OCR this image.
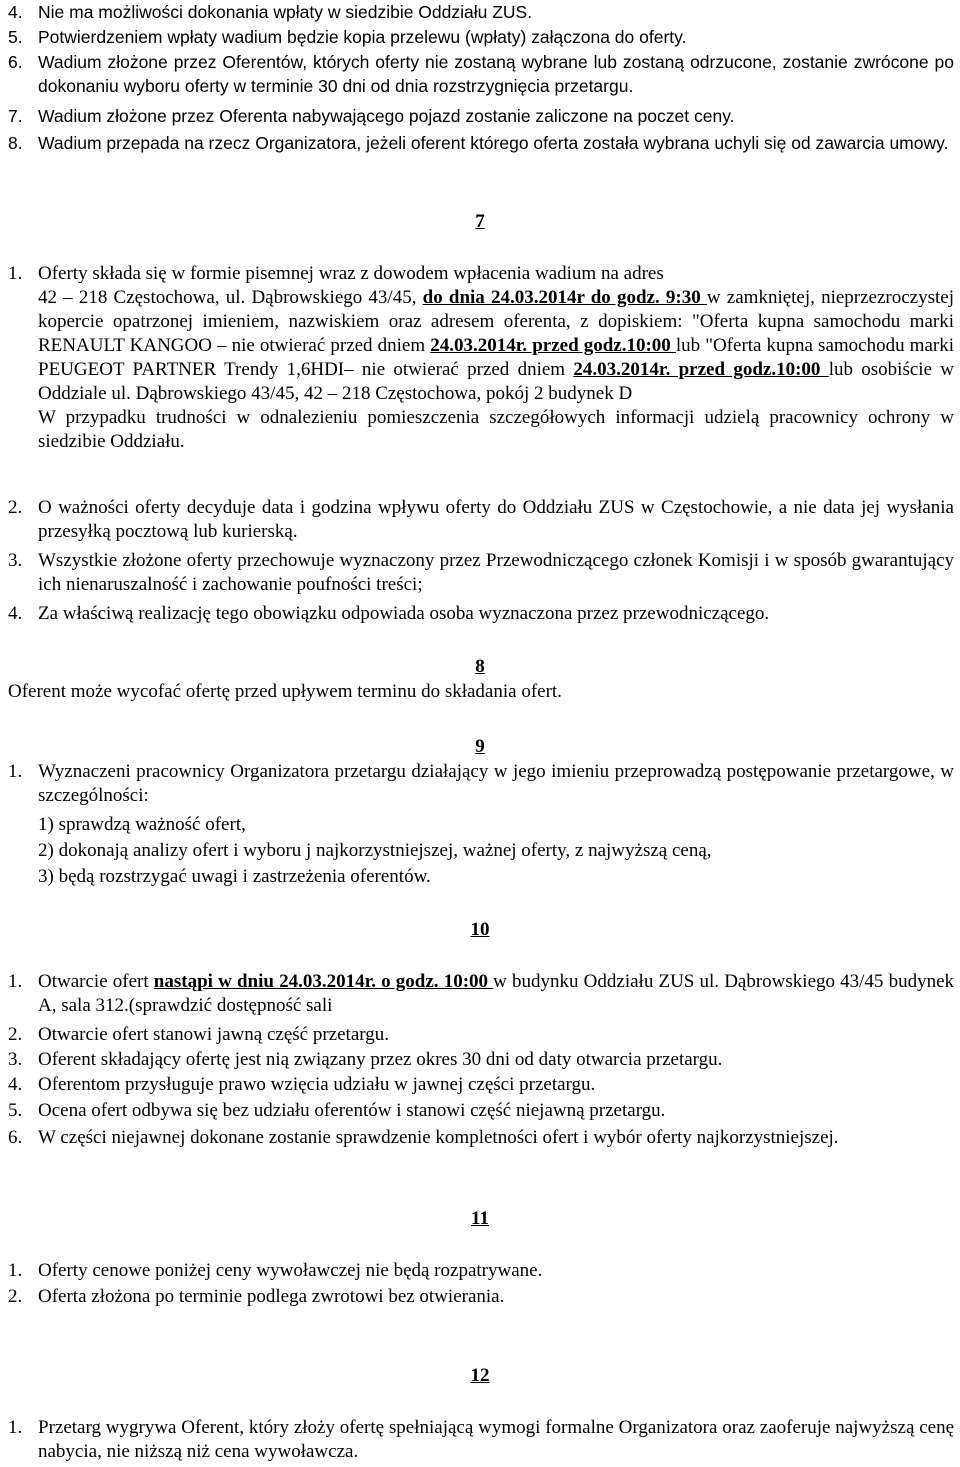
4. Nie ma możliwości dokonania wpłaty w siedzibie Oddziału ZUS.
5. Potwierdzeniem wpłaty wadium będzie kopia przelewu (wpłaty) załączona do oferty.
6. Wadium złożone przez Oferentów, których oferty nie zostaną wybrane lub zostaną odrzucone, zostanie zwrócone po dokonaniu wyboru oferty w terminie 30 dni od dnia rozstrzygnięcia przetargu.
7. Wadium złożone przez Oferenta nabywającego pojazd zostanie zaliczone na poczet ceny.
8. Wadium przepada na rzecz Organizatora, jeżeli oferent którego oferta została wybrana uchyli się od zawarcia umowy.
7
1. Oferty składa się w formie pisemnej wraz z dowodem wpłacenia wadium na adres
42 – 218 Częstochowa, ul. Dąbrowskiego 43/45, do dnia 24.03.2014r do godz. 9:30 w zamkniętej, nieprzezroczystej kopercie opatrzonej imieniem, nazwiskiem oraz adresem oferenta, z dopiskiem: "Oferta kupna samochodu marki RENAULT KANGOO – nie otwierać przed dniem 24.03.2014r. przed godz.10:00 lub "Oferta kupna samochodu marki PEUGEOT PARTNER Trendy 1,6HDI– nie otwierać przed dniem 24.03.2014r. przed godz.10:00 lub osobiście w Oddziale ul. Dąbrowskiego 43/45, 42 – 218 Częstochowa, pokój 2 budynek D
W przypadku trudności w odnalezieniu pomieszczenia szczegółowych informacji udzielą pracownicy ochrony w siedzibie Oddziału.
2. O ważności oferty decyduje data i godzina wpływu oferty do Oddziału ZUS w Częstochowie, a nie data jej wysłania przesyłką pocztową lub kurierską.
3. Wszystkie złożone oferty przechowuje wyznaczony przez Przewodniczącego członek Komisji i w sposób gwarantujący ich nienaruszalność i zachowanie poufności treści;
4. Za właściwą realizację tego obowiązku odpowiada osoba wyznaczona przez przewodniczącego.
8
Oferent może wycofać ofertę przed upływem terminu do składania ofert.
9
1. Wyznaczeni pracownicy Organizatora przetargu działający w jego imieniu przeprowadzą postępowanie przetargowe, w szczególności:
1) sprawdzą ważność ofert,
2) dokonają analizy ofert i wyboru j najkorzystniejszej, ważnej oferty, z najwyższą ceną,
3) będą rozstrzygać uwagi i zastrzeżenia oferentów.
10
1. Otwarcie ofert nastąpi w dniu 24.03.2014r. o godz. 10:00 w budynku Oddziału ZUS ul. Dąbrowskiego 43/45 budynek A, sala 312.(sprawdzić dostępność sali
2. Otwarcie ofert stanowi jawną część przetargu.
3. Oferent składający ofertę jest nią związany przez okres 30 dni od daty otwarcia przetargu.
4. Oferentom przysługuje prawo wzięcia udziału w jawnej części przetargu.
5. Ocena ofert odbywa się bez udziału oferentów i stanowi część niejawną przetargu.
6. W części niejawnej dokonane zostanie sprawdzenie kompletności ofert i wybór oferty najkorzystniejszej.
11
1. Oferty cenowe poniżej ceny wywoławczej nie będą rozpatrywane.
2. Oferta złożona po terminie podlega zwrotowi bez otwierania.
12
1. Przetarg wygrywa Oferent, który złoży ofertę spełniającą wymogi formalne Organizatora oraz zaoferuje najwyższą cenę nabycia, nie niższą niż cena wywoławcza.
